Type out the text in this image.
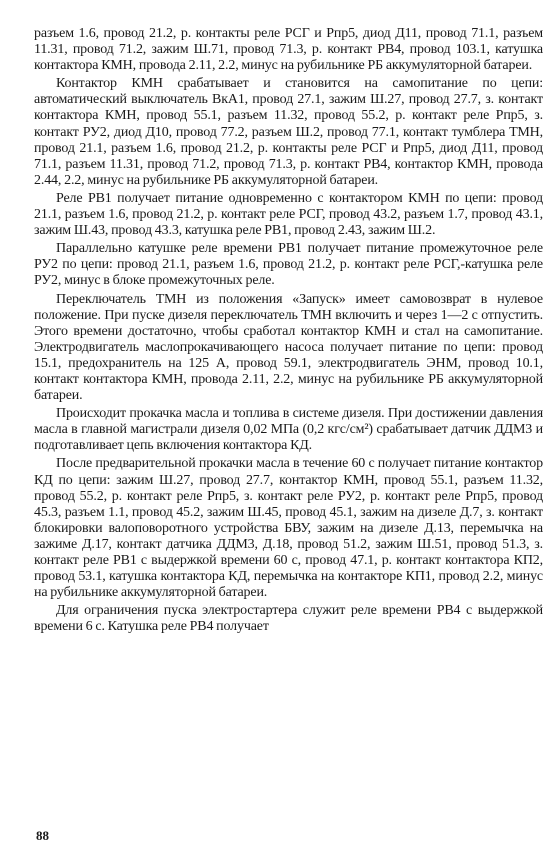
разъем 1.6, провод 21.2, р. контакты реле РСГ и Рпр5, диод Д11, провод 71.1, разъем 11.31, провод 71.2, зажим Ш.71, провод 71.3, р. контакт РВ4, провод 103.1, катушка контактора КМН, провода 2.11, 2.2, минус на рубильнике РБ аккумуляторной батареи.

Контактор КМН срабатывает и становится на самопитание по цепи: автоматический выключатель ВкА1, провод 27.1, зажим Ш.27, провод 27.7, з. контакт контактора КМН, провод 55.1, разъем 11.32, провод 55.2, р. контакт реле Рпр5, з. контакт РУ2, диод Д10, провод 77.2, разъем Ш.2, провод 77.1, контакт тумблера ТМН, провод 21.1, разъем 1.6, провод 21.2, р. контакты реле РСГ и Рпр5, диод Д11, провод 71.1, разъем 11.31, провод 71.2, провод 71.3, р. контакт РВ4, контактор КМН, провода 2.44, 2.2, минус на рубильнике РБ аккумуляторной батареи.

Реле РВ1 получает питание одновременно с контактором КМН по цепи: провод 21.1, разъем 1.6, провод 21.2, р. контакт реле РСГ, провод 43.2, разъем 1.7, провод 43.1, зажим Ш.43, провод 43.3, катушка реле РВ1, провод 2.43, зажим Ш.2.

Параллельно катушке реле времени РВ1 получает питание промежуточное реле РУ2 по цепи: провод 21.1, разъем 1.6, провод 21.2, р. контакт реле РСГ,-катушка реле РУ2, минус в блоке промежуточных реле.

Переключатель ТМН из положения «Запуск» имеет самовозврат в нулевое положение. При пуске дизеля переключатель ТМН включить и через 1—2 с отпустить. Этого времени достаточно, чтобы сработал контактор КМН и стал на самопитание. Электродвигатель маслопрокачивающего насоса получает питание по цепи: провод 15.1, предохранитель на 125 А, провод 59.1, электродвигатель ЭНМ, провод 10.1, контакт контактора КМН, провода 2.11, 2.2, минус на рубильнике РБ аккумуляторной батареи.

Происходит прокачка масла и топлива в системе дизеля. При достижении давления масла в главной магистрали дизеля 0,02 МПа (0,2 кгс/см²) срабатывает датчик ДДМ3 и подготавливает цепь включения контактора КД.

После предварительной прокачки масла в течение 60 с получает питание контактор КД по цепи: зажим Ш.27, провод 27.7, контактор КМН, провод 55.1, разъем 11.32, провод 55.2, р. контакт реле Рпр5, з. контакт реле РУ2, р. контакт реле Рпр5, провод 45.3, разъем 1.1, провод 45.2, зажим Ш.45, провод 45.1, зажим на дизеле Д.7, з. контакт блокировки валоповоротного устройства БВУ, зажим на дизеле Д.13, перемычка на зажиме Д.17, контакт датчика ДДМ3, Д.18, провод 51.2, зажим Ш.51, провод 51.3, з. контакт реле РВ1 с выдержкой времени 60 с, провод 47.1, р. контакт контактора КП2, провод 53.1, катушка контактора КД, перемычка на контакторе КП1, провод 2.2, минус на рубильнике аккумуляторной батареи.

Для ограничения пуска электростартера служит реле времени РВ4 с выдержкой времени 6 с. Катушка реле РВ4 получает

88
